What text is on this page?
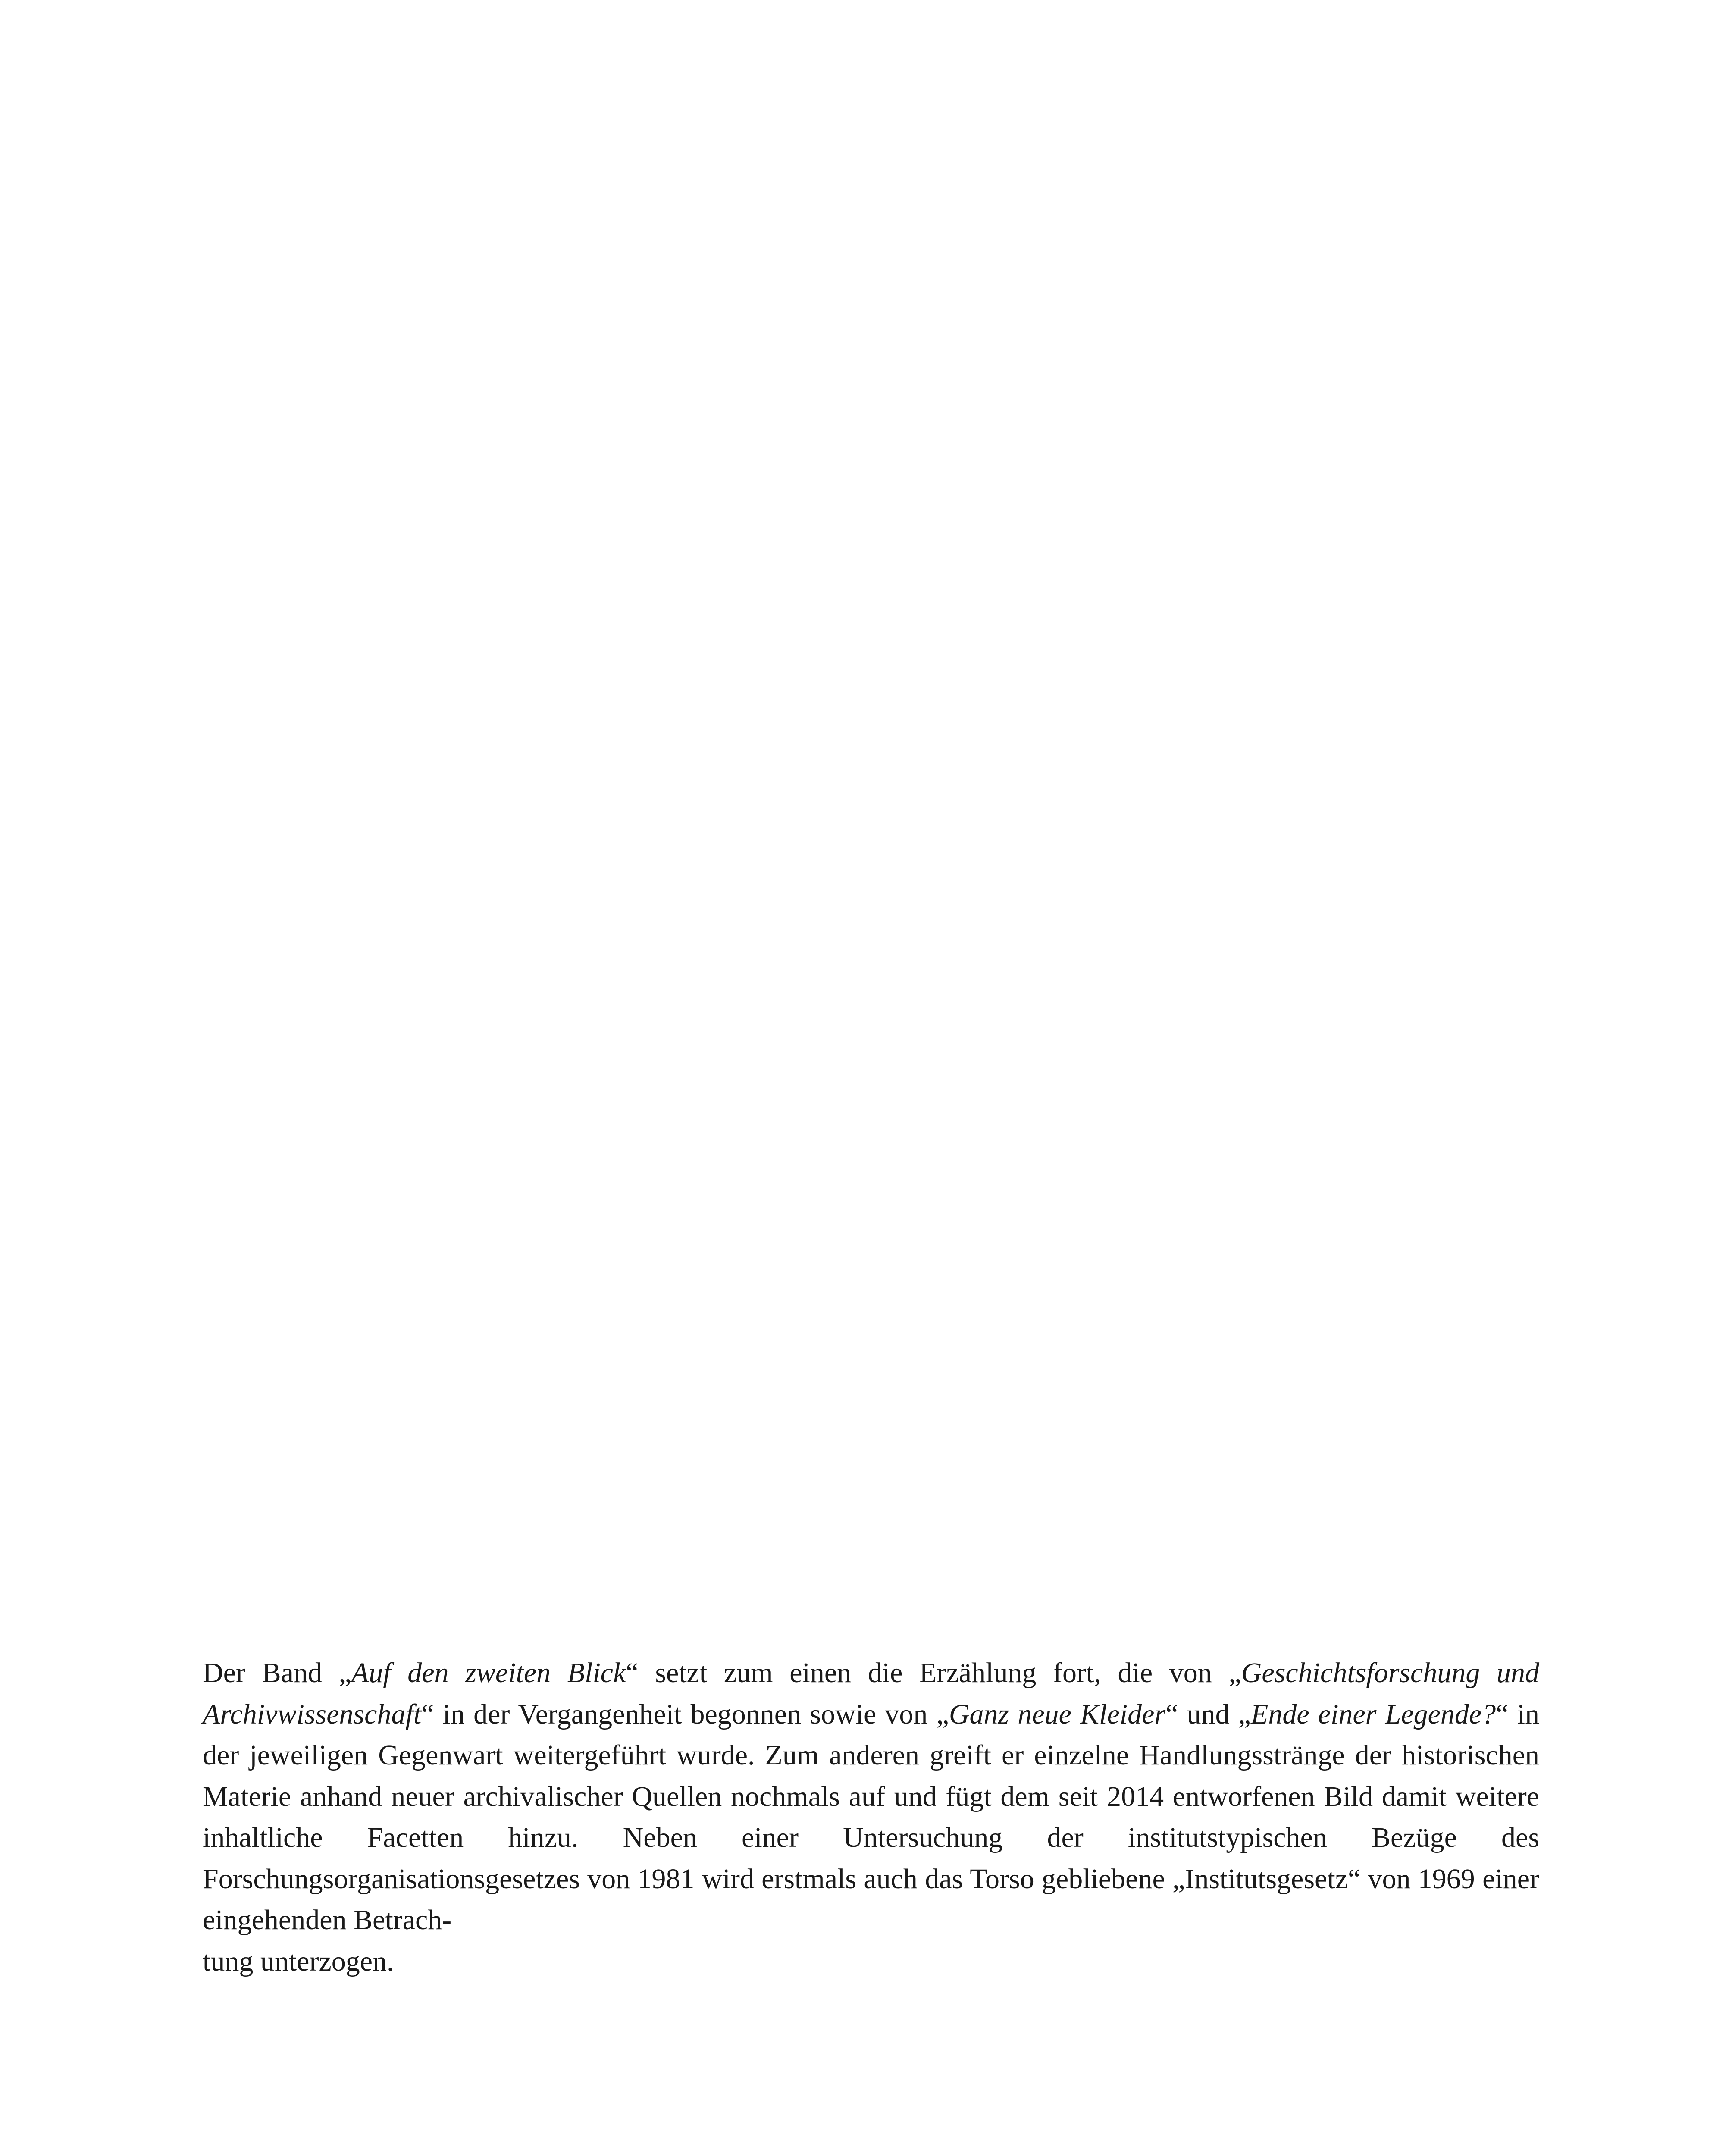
Der Band „Auf den zweiten Blick“ setzt zum einen die Erzählung fort, die von „Geschichtsforschung und Archivwissenschaft“ in der Vergangenheit begonnen sowie von „Ganz neue Kleider“ und „Ende einer Legende?“ in der jeweiligen Gegenwart weitergeführt wurde. Zum anderen greift er einzelne Handlungsstränge der historischen Materie anhand neuer archivalischer Quellen nochmals auf und fügt dem seit 2014 entworfenen Bild damit weitere inhaltliche Facetten hinzu. Neben einer Untersuchung der institutstypischen Bezüge des Forschungsorganisationsgesetzes von 1981 wird erstmals auch das Torso gebliebene „Institutsgesetz“ von 1969 einer eingehenden Betrach-
tung unterzogen.
